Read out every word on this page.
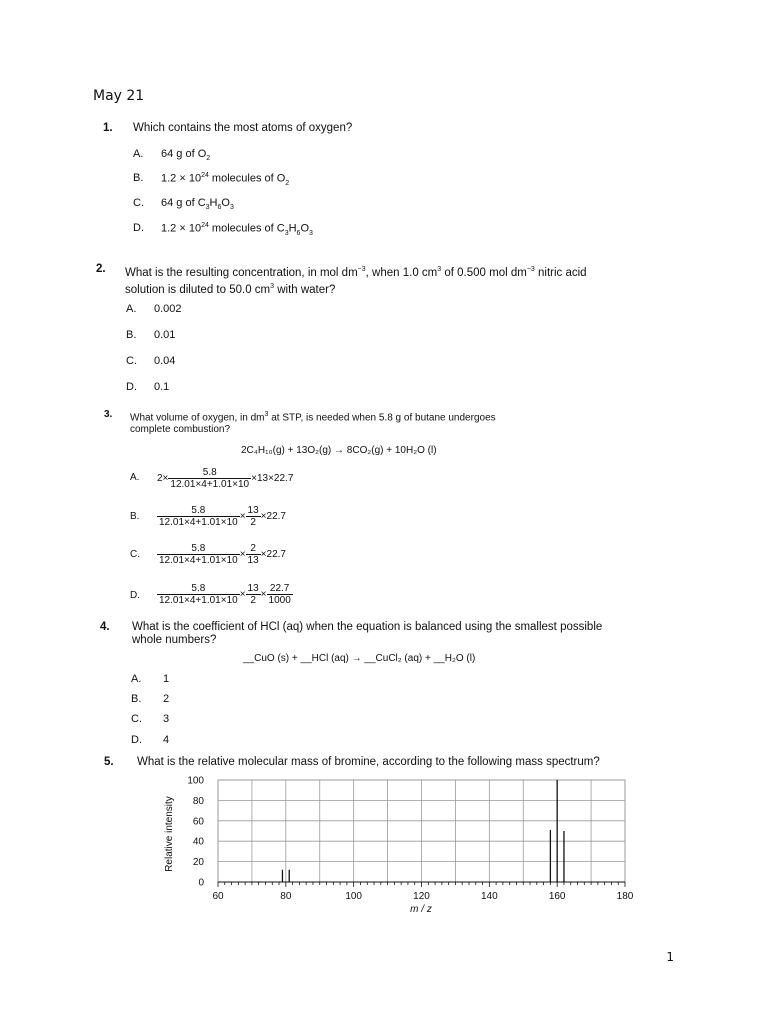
May 21
1. Which contains the most atoms of oxygen?
A. 64 g of $O_2$
B. $1.2 \times 10^{24}$ molecules of $O_2$
C. 64 g of $C_3H_6O_3$
D. $1.2 \times 10^{24}$ molecules of $C_3H_6O_3$
2. What is the resulting concentration, in mol $dm^{-3}$, when 1.0 $cm^3$ of 0.500 mol $dm^{-3}$ nitric acid
solution is diluted to 50.0 $cm^3$ with water?
A. 0.002
B. 0.01
C. 0.04
D. 0.1
3. What volume of oxygen, in $dm^3$ at STP, is needed when 5.8 g of butane undergoes
complete combustion?
2C₄H₁₀(g) + 13O₂(g) → 8CO₂(g) + 10H₂O (l)
A. $2\times \frac{5.8}{12.01\times 4+1.01\times 10} \times 13\times 22.7$
B. $\frac{5.8}{12.01\times 4+1.01\times 10} \times \frac{13}{2} \times 22.7$
C. $\frac{5.8}{12.01\times 4+1.01\times 10} \times \frac{2}{13} \times 22.7$
D. $\frac{5.8}{12.01\times 4+1.01\times 10} \times \frac{13}{2} \times \frac{22.7}{1000}$
4. What is the coefficient of HCl (aq) when the equation is balanced using the smallest possible
whole numbers?
__CuO (s) + __HCl (aq) → __CuCl₂ (aq) + __H₂O (l)
A. 1
B. 2
C. 3
D. 4
5. What is the relative molecular mass of bromine, according to the following mass spectrum?
60	80	100	120	140	160	180
0
20
40
60
80
100
Relative intensity
m / z
1
